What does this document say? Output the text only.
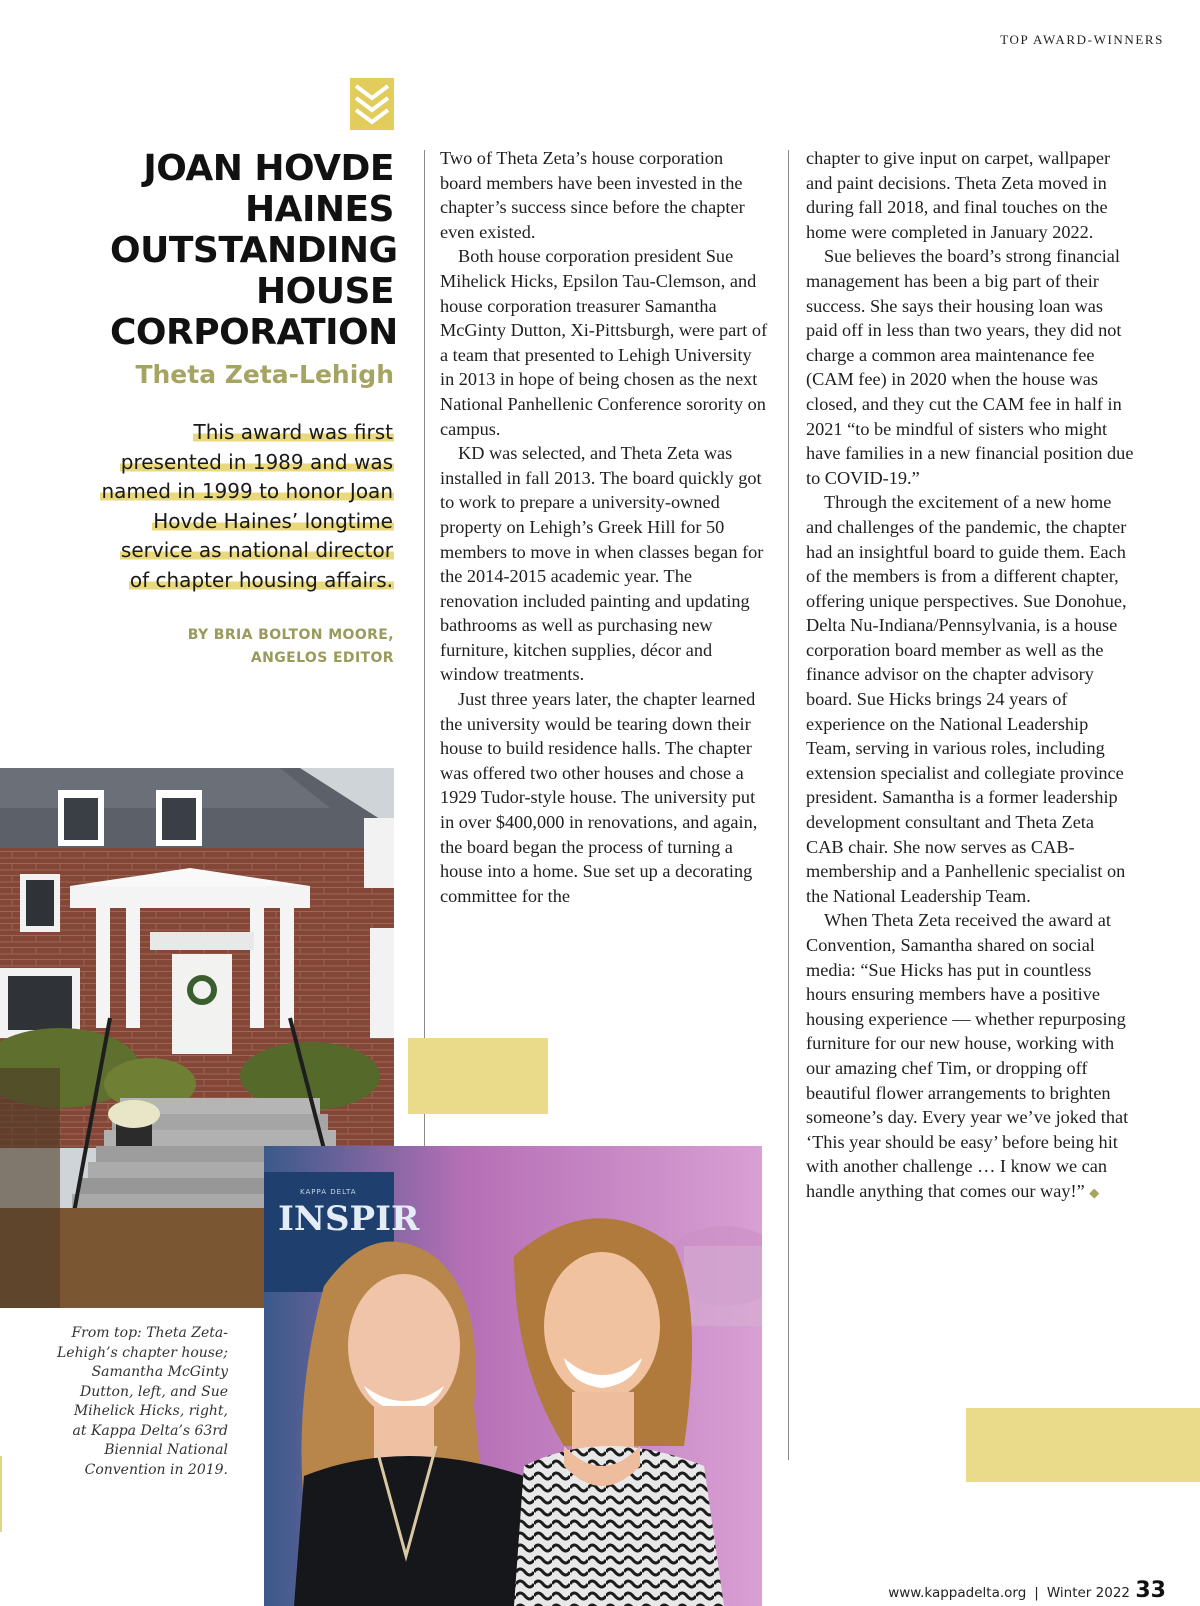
TOP AWARD-WINNERS
JOAN HOVDE
HAINES
OUTSTANDING
HOUSE
CORPORATION
Theta Zeta-Lehigh
This award was first
presented in 1989 and was
named in 1999 to honor Joan
Hovde Haines’ longtime
service as national director
of chapter housing affairs.
BY BRIA BOLTON MOORE,
ANGELOS EDITOR

Two of Theta Zeta’s house corporation board members have been invested in the chapter’s success since before the chapter even existed.

Both house corporation president Sue Mihelick Hicks, Epsilon Tau-Clemson, and house corporation treasurer Samantha McGinty Dutton, Xi-Pittsburgh, were part of a team that presented to Lehigh University in 2013 in hope of being chosen as the next National Panhellenic Conference sorority on campus.

KD was selected, and Theta Zeta was installed in fall 2013. The board quickly got to work to prepare a university-owned property on Lehigh’s Greek Hill for 50 members to move in when classes began for the 2014-2015 academic year. The renovation included painting and updating bathrooms as well as purchasing new furniture, kitchen supplies, décor and window treatments.

Just three years later, the chapter learned the university would be tearing down their house to build residence halls. The chapter was offered two other houses and chose a 1929 Tudor-style house. The university put in over $400,000 in renovations, and again, the board began the process of turning a house into a home. Sue set up a decorating committee for the

chapter to give input on carpet, wallpaper and paint decisions. Theta Zeta moved in during fall 2018, and final touches on the home were completed in January 2022.

Sue believes the board’s strong financial management has been a big part of their success. She says their housing loan was paid off in less than two years, they did not charge a common area maintenance fee (CAM fee) in 2020 when the house was closed, and they cut the CAM fee in half in 2021 “to be mindful of sisters who might have families in a new financial position due to COVID-19.”

Through the excitement of a new home and challenges of the pandemic, the chapter had an insightful board to guide them. Each of the members is from a different chapter, offering unique perspectives. Sue Donohue, Delta Nu-Indiana/Pennsylvania, is a house corporation board member as well as the finance advisor on the chapter advisory board. Sue Hicks brings 24 years of experience on the National Leadership Team, serving in various roles, including extension specialist and collegiate province president. Samantha is a former leadership development consultant and Theta Zeta CAB chair. She now serves as CAB-membership and a Panhellenic specialist on the National Leadership Team.

When Theta Zeta received the award at Convention, Samantha shared on social media: “Sue Hicks has put in countless hours ensuring members have a positive housing experience — whether repurposing furniture for our new house, working with our amazing chef Tim, or dropping off beautiful flower arrangements to brighten someone’s day. Every year we’ve joked that ‘This year should be easy’ before being hit with another challenge … I know we can handle anything that comes our way!” ◆

KAPPA DELTA
INSPIR
From top: Theta Zeta-Lehigh’s chapter house; Samantha McGinty Dutton, left, and Sue Mihelick Hicks, right, at Kappa Delta’s 63rd Biennial National Convention in 2019.
www.kappadelta.org | Winter 2022 33
